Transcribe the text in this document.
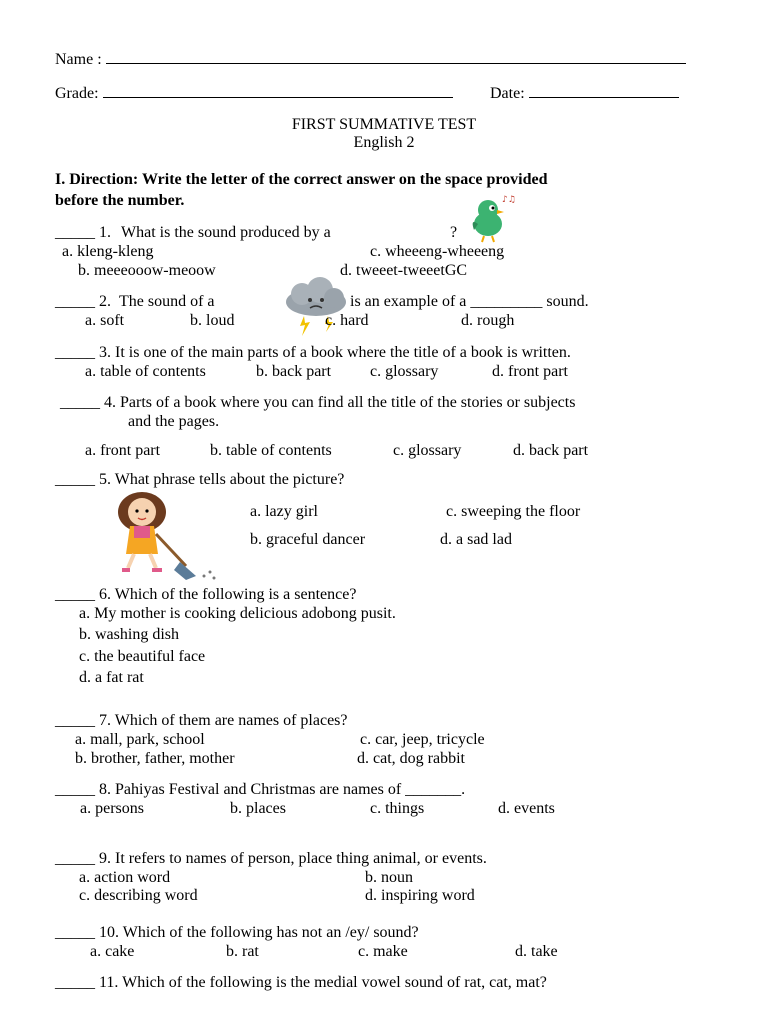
Name :
Grade:	Date:
FIRST SUMMATIVE TEST
English 2
I. Direction: Write the letter of the correct answer on the space provided
before the number.
_____ 1. What is the sound produced by a	?
♪♫
a. kleng-kleng	c. wheeeng-wheeeng
b. meeeooow-meoow	d. tweeet-tweeetGC
_____ 2. The sound of a	is an example of a _________ sound.
a. soft	b. loud	c. hard	d. rough
_____ 3. It is one of the main parts of a book where the title of a book is written.
a. table of contents	b. back part c. glossary	d. front part
_____ 4. Parts of a book where you can find all the title of the stories or subjects
and the pages.
a. front part	b. table of contents	c. glossary	d. back part
_____ 5. What phrase tells about the picture?
a. lazy girl	c. sweeping the floor
b. graceful dancer	d. a sad lad
_____ 6. Which of the following is a sentence?
a. My mother is cooking delicious adobong pusit.
b. washing dish
c. the beautiful face
d. a fat rat
_____ 7. Which of them are names of places?
a. mall, park, school	c. car, jeep, tricycle
b. brother, father, mother	d. cat, dog rabbit
_____ 8. Pahiyas Festival and Christmas are names of _______.
a. persons	b. places	c. things	d. events
_____ 9. It refers to names of person, place thing animal, or events.
a. action word	b. noun
c. describing word	d. inspiring word
_____ 10. Which of the following has not an /ey/ sound?
a. cake	b. rat	c. make	d. take
_____ 11. Which of the following is the medial vowel sound of rat, cat, mat?
